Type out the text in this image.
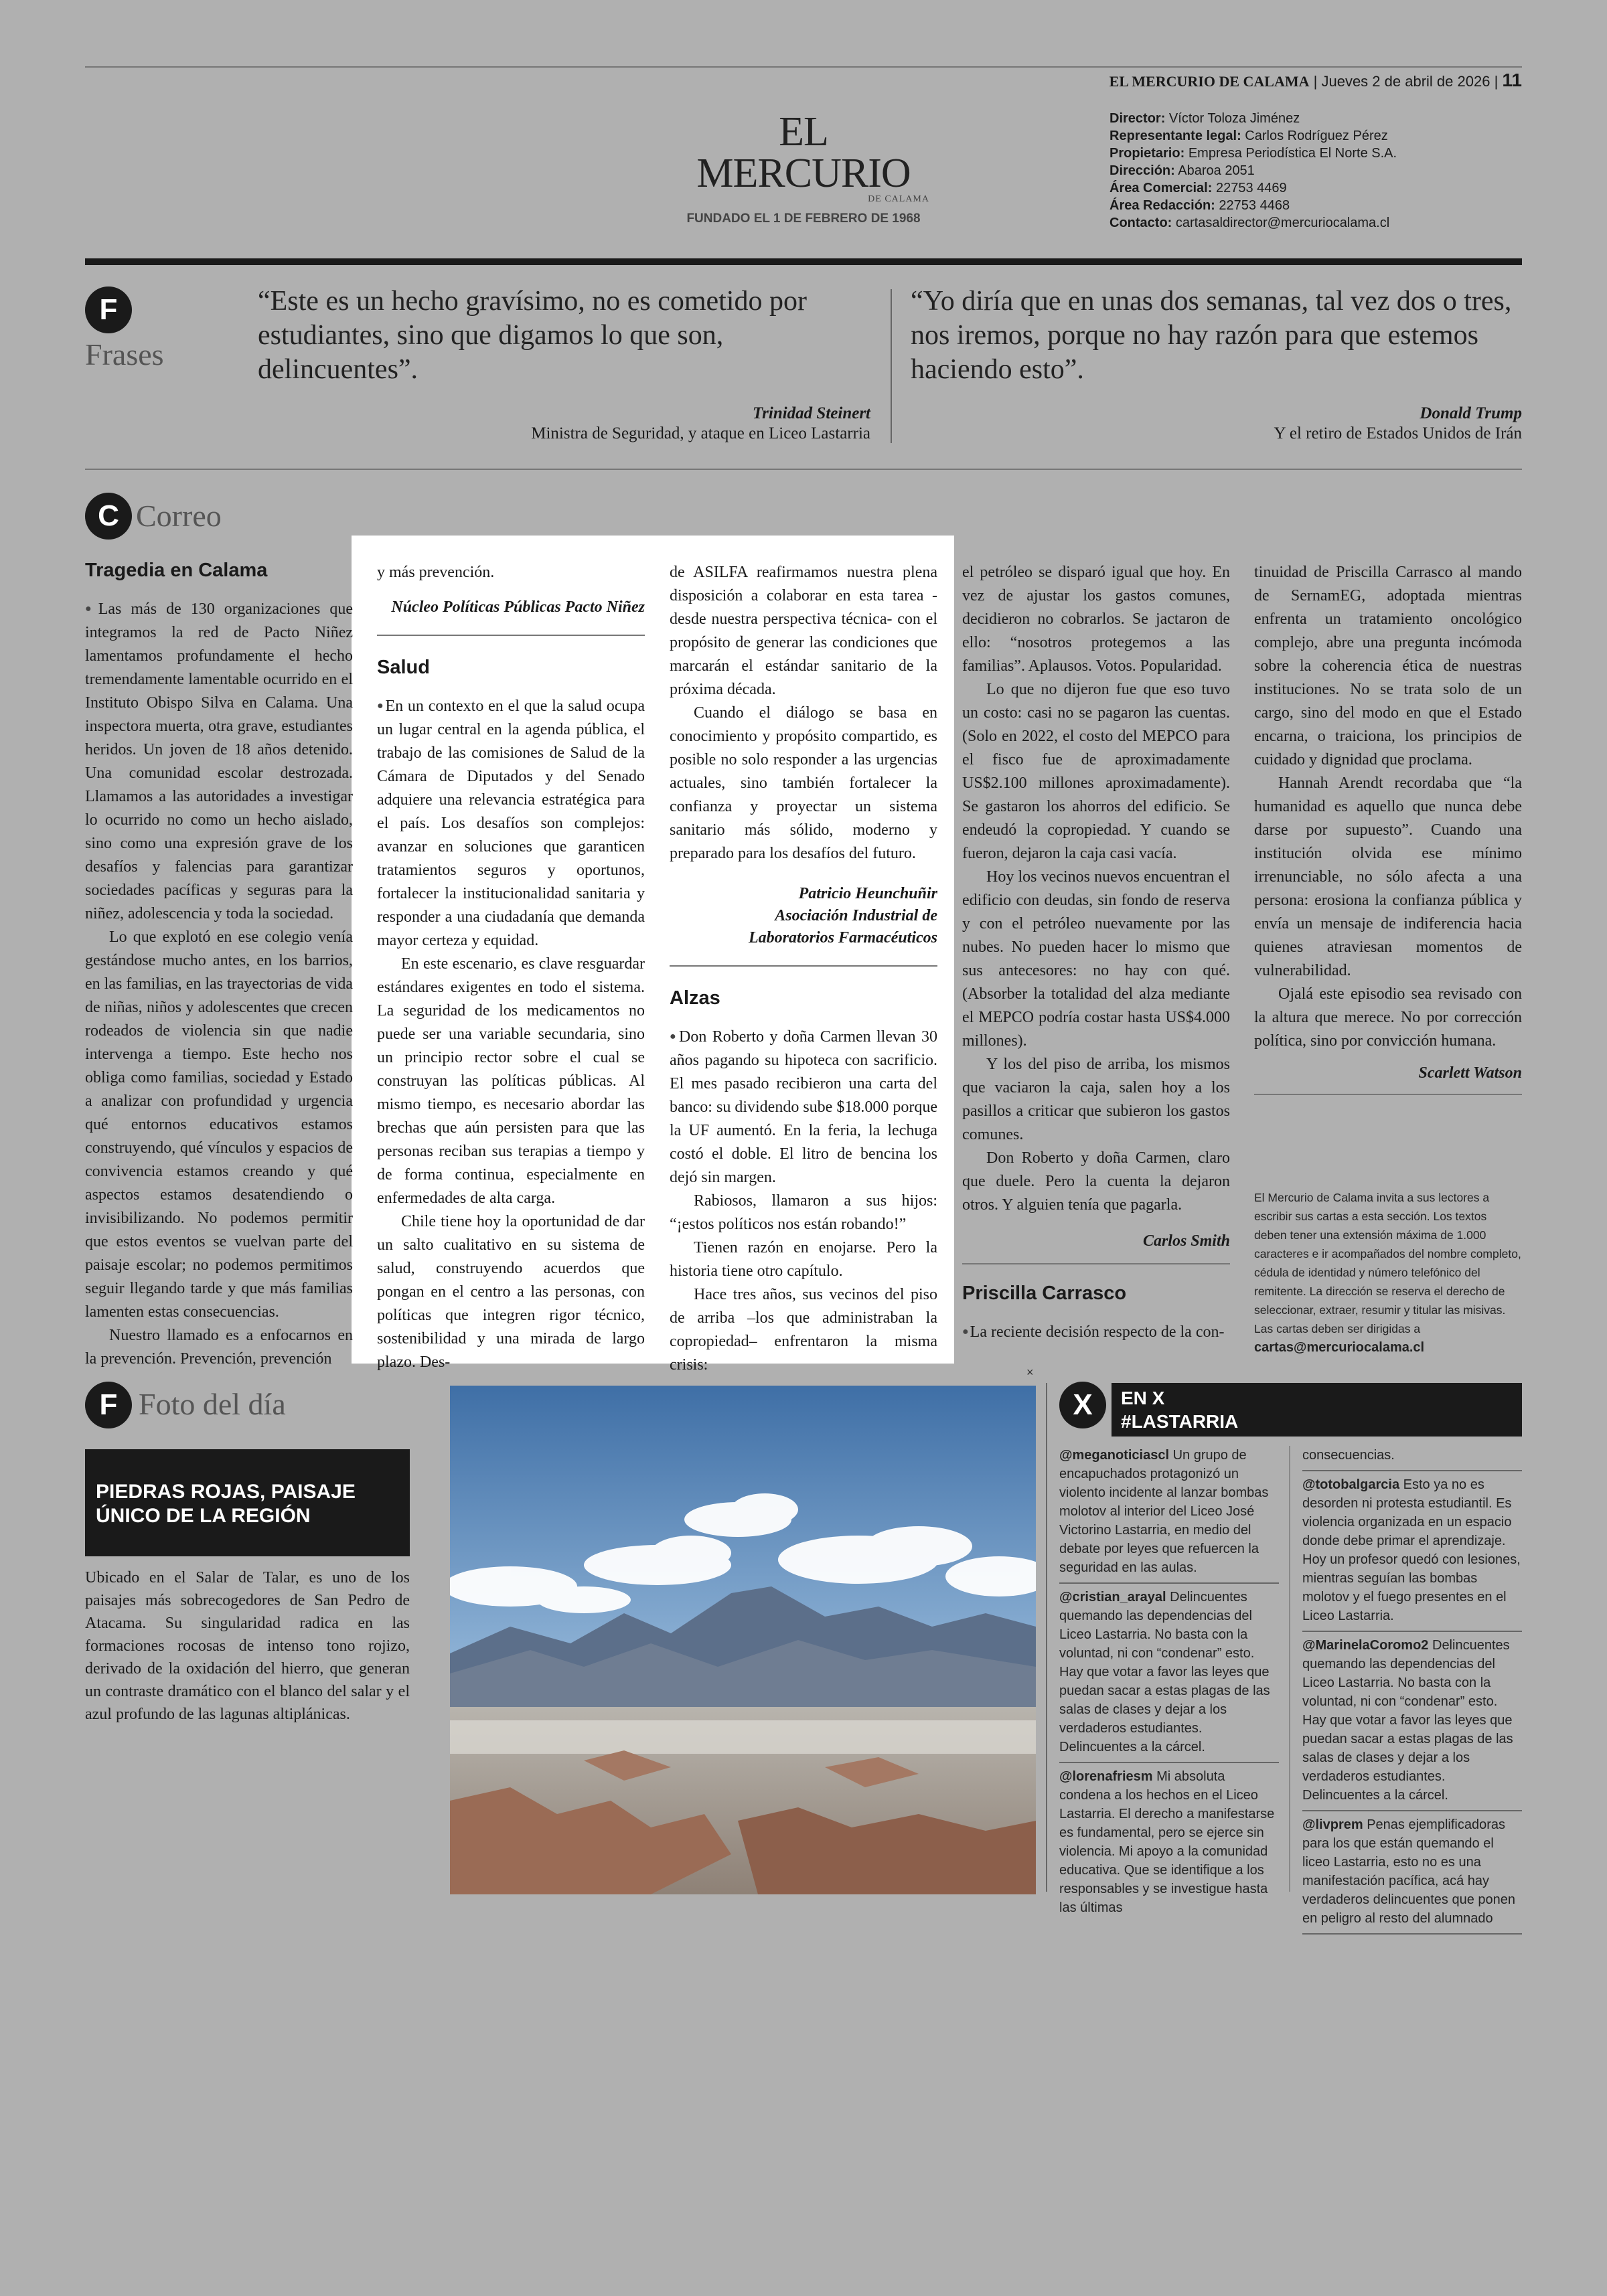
EL MERCURIO DE CALAMA | Jueves 2 de abril de 2026 | 11
EL MERCURIO
DE CALAMA
FUNDADO EL 1 DE FEBRERO DE 1968
Director: Víctor Toloza Jiménez
Representante legal: Carlos Rodríguez Pérez
Propietario: Empresa Periodística El Norte S.A.
Dirección: Abaroa 2051
Área Comercial: 22753 4469
Área Redacción: 22753 4468
Contacto: cartasaldirector@mercuriocalama.cl
F
Frases
“Este es un hecho gravísimo, no es cometido por estudiantes, sino que digamos lo que son, delincuentes”.
Trinidad Steinert
Ministra de Seguridad, y ataque en Liceo Lastarria
“Yo diría que en unas dos semanas, tal vez dos o tres, nos iremos, porque no hay razón para que estemos haciendo esto”.
Donald Trump
Y el retiro de Estados Unidos de Irán
C Correo
Tragedia en Calama

● Las más de 130 organizaciones que integramos la red de Pacto Niñez lamentamos profundamente el hecho tremendamente lamentable ocurrido en el Instituto Obispo Silva en Calama. Una inspectora muerta, otra grave, estudiantes heridos. Un joven de 18 años detenido. Una comunidad escolar destrozada. Llamamos a las autoridades a investigar lo ocurrido no como un hecho aislado, sino como una expresión grave de los desafíos y falencias para garantizar sociedades pacíficas y seguras para la niñez, adolescencia y toda la sociedad.

Lo que explotó en ese colegio venía gestándose mucho antes, en los barrios, en las familias, en las trayectorias de vida de niñas, niños y adolescentes que crecen rodeados de violencia sin que nadie intervenga a tiempo. Este hecho nos obliga como familias, sociedad y Estado a analizar con profundidad y urgencia qué entornos educativos estamos construyendo, qué vínculos y espacios de convivencia estamos creando y qué aspectos estamos desatendiendo o invisibilizando. No podemos permitir que estos eventos se vuelvan parte del paisaje escolar; no podemos permitimos seguir llegando tarde y que más familias lamenten estas consecuencias.

Nuestro llamado es a enfocarnos en la prevención. Prevención, prevención

y más prevención.

Núcleo Políticas Públicas Pacto Niñez
Salud

● En un contexto en el que la salud ocupa un lugar central en la agenda pública, el trabajo de las comisiones de Salud de la Cámara de Diputados y del Senado adquiere una relevancia estratégica para el país. Los desafíos son complejos: avanzar en soluciones que garanticen tratamientos seguros y oportunos, fortalecer la institucionalidad sanitaria y responder a una ciudadanía que demanda mayor certeza y equidad.

En este escenario, es clave resguardar estándares exigentes en todo el sistema. La seguridad de los medicamentos no puede ser una variable secundaria, sino un principio rector sobre el cual se construyan las políticas públicas. Al mismo tiempo, es necesario abordar las brechas que aún persisten para que las personas reciban sus terapias a tiempo y de forma continua, especialmente en enfermedades de alta carga.

Chile tiene hoy la oportunidad de dar un salto cualitativo en su sistema de salud, construyendo acuerdos que pongan en el centro a las personas, con políticas que integren rigor técnico, sostenibilidad y una mirada de largo plazo. Des-

de ASILFA reafirmamos nuestra plena disposición a colaborar en esta tarea -desde nuestra perspectiva técnica- con el propósito de generar las condiciones que marcarán el estándar sanitario de la próxima década.

Cuando el diálogo se basa en conocimiento y propósito compartido, es posible no solo responder a las urgencias actuales, sino también fortalecer la confianza y proyectar un sistema sanitario más sólido, moderno y preparado para los desafíos del futuro.

Patricio Heunchuñir
Asociación Industrial de
Laboratorios Farmacéuticos
Alzas

● Don Roberto y doña Carmen llevan 30 años pagando su hipoteca con sacrificio. El mes pasado recibieron una carta del banco: su dividendo sube $18.000 porque la UF aumentó. En la feria, la lechuga costó el doble. El litro de bencina los dejó sin margen.

Rabiosos, llamaron a sus hijos: “¡estos políticos nos están robando!”

Tienen razón en enojarse. Pero la historia tiene otro capítulo.

Hace tres años, sus vecinos del piso de arriba –los que administraban la copropiedad– enfrentaron la misma crisis:

el petróleo se disparó igual que hoy. En vez de ajustar los gastos comunes, decidieron no cobrarlos. Se jactaron de ello: “nosotros protegemos a las familias”. Aplausos. Votos. Popularidad.

Lo que no dijeron fue que eso tuvo un costo: casi no se pagaron las cuentas. (Solo en 2022, el costo del MEPCO para el fisco fue de aproximadamente US$2.100 millones aproximadamente). Se gastaron los ahorros del edificio. Se endeudó la copropiedad. Y cuando se fueron, dejaron la caja casi vacía.

Hoy los vecinos nuevos encuentran el edificio con deudas, sin fondo de reserva y con el petróleo nuevamente por las nubes. No pueden hacer lo mismo que sus antecesores: no hay con qué. (Absorber la totalidad del alza mediante el MEPCO podría costar hasta US$4.000 millones).

Y los del piso de arriba, los mismos que vaciaron la caja, salen hoy a los pasillos a criticar que subieron los gastos comunes.

Don Roberto y doña Carmen, claro que duele. Pero la cuenta la dejaron otros. Y alguien tenía que pagarla.

Carlos Smith
Priscilla Carrasco

● La reciente decisión respecto de la con-

tinuidad de Priscilla Carrasco al mando de SernamEG, adoptada mientras enfrenta un tratamiento oncológico complejo, abre una pregunta incómoda sobre la coherencia ética de nuestras instituciones. No se trata solo de un cargo, sino del modo en que el Estado encarna, o traiciona, los principios de cuidado y dignidad que proclama.

Hannah Arendt recordaba que “la humanidad es aquello que nunca debe darse por supuesto”. Cuando una institución olvida ese mínimo irrenunciable, no sólo afecta a una persona: erosiona la confianza pública y envía un mensaje de indiferencia hacia quienes atraviesan momentos de vulnerabilidad.

Ojalá este episodio sea revisado con la altura que merece. No por corrección política, sino por convicción humana.

Scarlett Watson
El Mercurio de Calama invita a sus lectores a escribir sus cartas a esta sección. Los textos deben tener una extensión máxima de 1.000 caracteres e ir acompañados del nombre completo, cédula de identidad y número telefónico del remitente. La dirección se reserva el derecho de seleccionar, extraer, resumir y titular las misivas. Las cartas deben ser dirigidas a
cartas@mercuriocalama.cl
F Foto del día
PIEDRAS ROJAS, PAISAJE ÚNICO DE LA REGIÓN
Ubicado en el Salar de Talar, es uno de los paisajes más sobrecogedores de San Pedro de Atacama. Su singularidad radica en las formaciones rocosas de intenso tono rojizo, derivado de la oxidación del hierro, que generan un contraste dramático con el blanco del salar y el azul profundo de las lagunas altiplánicas.
×
X	EN X
#LASTARRIA
@meganoticiascl Un grupo de encapuchados protagonizó un violento incidente al lanzar bombas molotov al interior del Liceo José Victorino Lastarria, en medio del debate por leyes que refuercen la seguridad en las aulas.
@cristian_arayal Delincuentes quemando las dependencias del Liceo Lastarria. No basta con la voluntad, ni con “condenar” esto. Hay que votar a favor las leyes que puedan sacar a estas plagas de las salas de clases y dejar a los verdaderos estudiantes. Delincuentes a la cárcel.
@lorenafriesm Mi absoluta condena a los hechos en el Liceo Lastarria. El derecho a manifestarse es fundamental, pero se ejerce sin violencia. Mi apoyo a la comunidad educativa. Que se identifique a los responsables y se investigue hasta las últimas
consecuencias.
@totobalgarcia Esto ya no es desorden ni protesta estudiantil. Es violencia organizada en un espacio donde debe primar el aprendizaje. Hoy un profesor quedó con lesiones, mientras seguían las bombas molotov y el fuego presentes en el Liceo Lastarria.
@MarinelaCoromo2 Delincuentes quemando las dependencias del Liceo Lastarria. No basta con la voluntad, ni con “condenar” esto. Hay que votar a favor las leyes que puedan sacar a estas plagas de las salas de clases y dejar a los verdaderos estudiantes. Delincuentes a la cárcel.
@livprem Penas ejemplificadoras para los que están quemando el liceo Lastarria, esto no es una manifestación pacífica, acá hay verdaderos delincuentes que ponen en peligro al resto del alumnado
